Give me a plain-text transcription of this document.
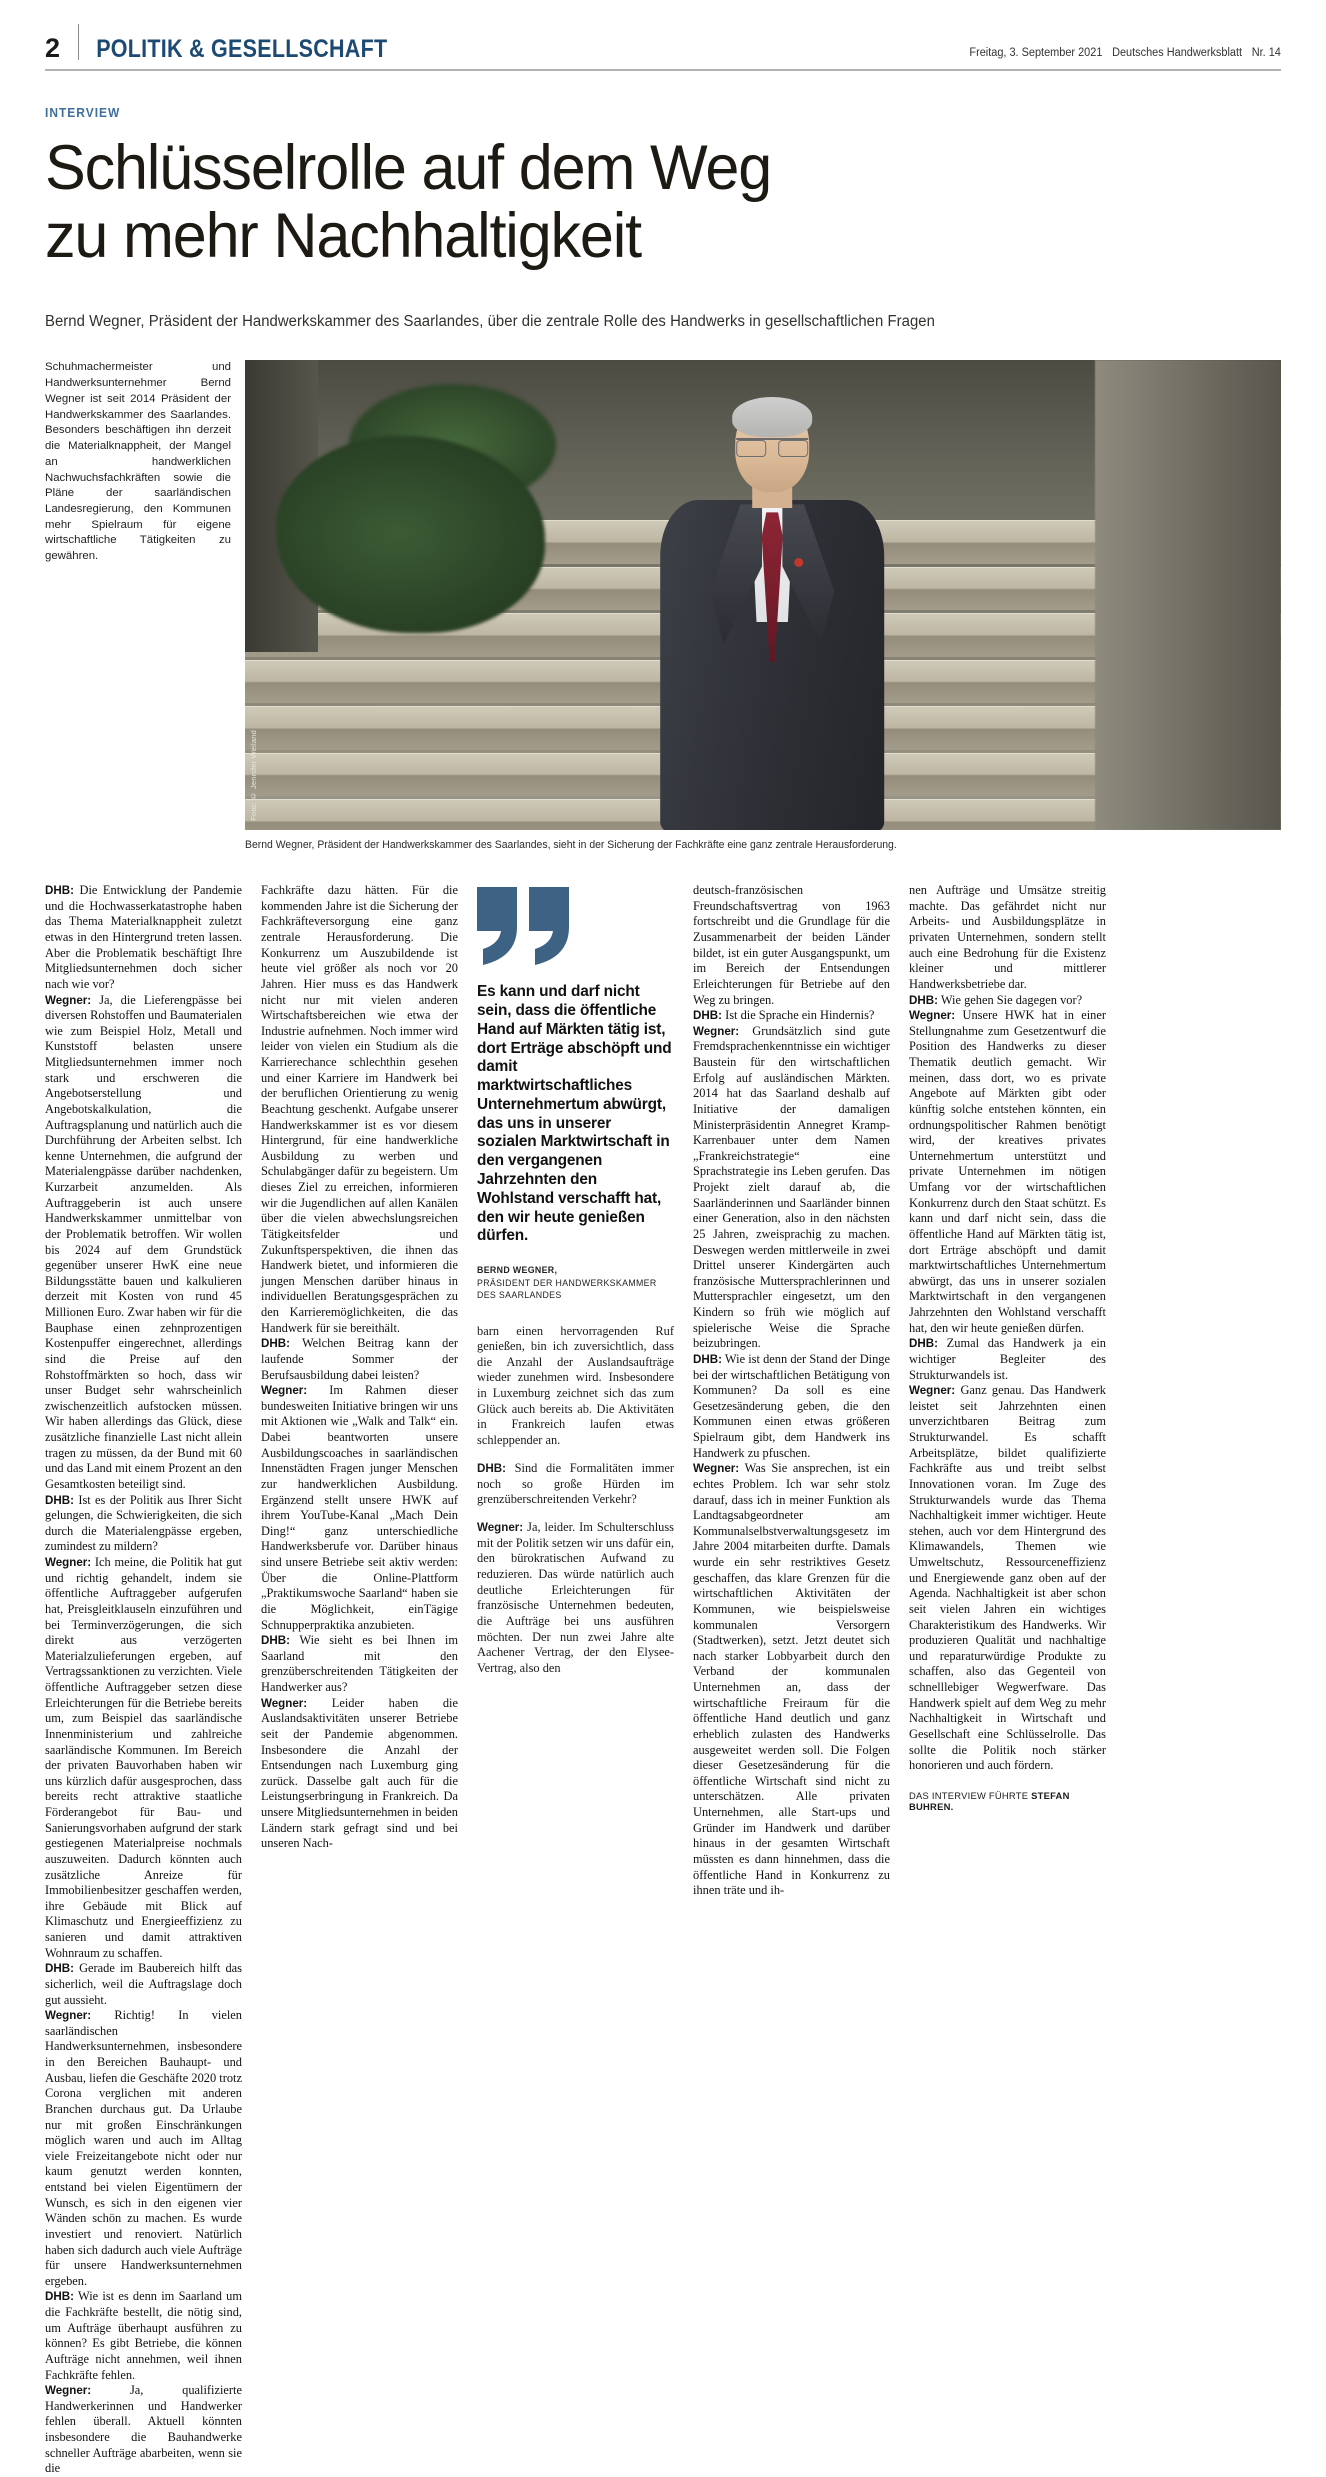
2	POLITIK & GESELLSCHAFT	Freitag, 3. September 2021 Deutsches Handwerksblatt Nr. 14
INTERVIEW
Schlüsselrolle auf dem Weg
zu mehr Nachhaltigkeit
Bernd Wegner, Präsident der Handwerkskammer des Saarlandes, über die zentrale Rolle des Handwerks in gesellschaftlichen Fragen

Schuhmachermeister und Handwerksunternehmer Bernd Wegner ist seit 2014 Präsident der Handwerkskammer des Saarlandes. Besonders beschäftigen ihn derzeit die Materialknappheit, der Mangel an handwerklichen Nachwuchsfachkräften sowie die Pläne der saarländischen Landesregierung, den Kommunen mehr Spielraum für eigene wirtschaftliche Tätigkeiten zu gewähren.

Foto: © Jennifer Weiland
Bernd Wegner, Präsident der Handwerkskammer des Saarlandes, sieht in der Sicherung der Fachkräfte eine ganz zentrale Herausforderung.

DHB: Die Entwicklung der Pandemie und die Hochwasserkatastrophe haben das Thema Materialknappheit zuletzt etwas in den Hintergrund treten lassen. Aber die Problematik beschäftigt Ihre Mitgliedsunternehmen doch sicher nach wie vor?

Wegner: Ja, die Lieferengpässe bei diversen Rohstoffen und Baumaterialen wie zum Beispiel Holz, Metall und Kunststoff belasten unsere Mitgliedsunternehmen immer noch stark und erschweren die Angebotserstellung und Angebotskalkulation, die Auftragsplanung und natürlich auch die Durchführung der Arbeiten selbst. Ich kenne Unternehmen, die aufgrund der Materialengpässe darüber nachdenken, Kurzarbeit anzumelden. Als Auftraggeberin ist auch unsere Handwerkskammer unmittelbar von der Problematik betroffen. Wir wollen bis 2024 auf dem Grundstück gegenüber unserer HwK eine neue Bildungsstätte bauen und kalkulieren derzeit mit Kosten von rund 45 Millionen Euro. Zwar haben wir für die Bauphase einen zehnprozentigen Kostenpuffer eingerechnet, allerdings sind die Preise auf den Rohstoffmärkten so hoch, dass wir unser Budget sehr wahrscheinlich zwischenzeitlich aufstocken müssen. Wir haben allerdings das Glück, diese zusätzliche finanzielle Last nicht allein tragen zu müssen, da der Bund mit 60 und das Land mit einem Prozent an den Gesamtkosten beteiligt sind.

DHB: Ist es der Politik aus Ihrer Sicht gelungen, die Schwierigkeiten, die sich durch die Materialengpässe ergeben, zumindest zu mildern?

Wegner: Ich meine, die Politik hat gut und richtig gehandelt, indem sie öffentliche Auftraggeber aufgerufen hat, Preisgleitklauseln einzuführen und bei Terminverzögerungen, die sich direkt aus verzögerten Materialzulieferungen ergeben, auf Vertragssanktionen zu verzichten. Viele öffentliche Auftraggeber setzen diese Erleichterungen für die Betriebe bereits um, zum Beispiel das saarländische Innenministerium und zahlreiche saarländische Kommunen. Im Bereich der privaten Bauvorhaben haben wir uns kürzlich dafür ausgesprochen, dass bereits recht attraktive staatliche Förderangebot für Bau- und Sanierungsvorhaben aufgrund der stark gestiegenen Materialpreise nochmals auszuweiten. Dadurch könnten auch zusätzliche Anreize für Immobilienbesitzer geschaffen werden, ihre Gebäude mit Blick auf Klimaschutz und Energieeffizienz zu sanieren und damit attraktiven Wohnraum zu schaffen.

DHB: Gerade im Baubereich hilft das sicherlich, weil die Auftragslage doch gut aussieht.

Wegner: Richtig! In vielen saarländischen Handwerksunternehmen, insbesondere in den Bereichen Bauhaupt- und Ausbau, liefen die Geschäfte 2020 trotz Corona verglichen mit anderen Branchen durchaus gut. Da Urlaube nur mit großen Einschränkungen möglich waren und auch im Alltag viele Freizeitangebote nicht oder nur kaum genutzt werden konnten, entstand bei vielen Eigentümern der Wunsch, es sich in den eigenen vier Wänden schön zu machen. Es wurde investiert und renoviert. Natürlich haben sich dadurch auch viele Aufträge für unsere Handwerksunternehmen ergeben.

DHB: Wie ist es denn im Saarland um die Fachkräfte bestellt, die nötig sind, um Aufträge überhaupt ausführen zu können? Es gibt Betriebe, die können Aufträge nicht annehmen, weil ihnen Fachkräfte fehlen.

Wegner: Ja, qualifizierte Handwerkerinnen und Handwerker fehlen überall. Aktuell könnten insbesondere die Bauhandwerke schneller Aufträge abarbeiten, wenn sie die

Fachkräfte dazu hätten. Für die kommenden Jahre ist die Sicherung der Fachkräfteversorgung eine ganz zentrale Herausforderung. Die Konkurrenz um Auszubildende ist heute viel größer als noch vor 20 Jahren. Hier muss es das Handwerk nicht nur mit vielen anderen Wirtschaftsbereichen wie etwa der Industrie aufnehmen. Noch immer wird leider von vielen ein Studium als die Karrierechance schlechthin gesehen und einer Karriere im Handwerk bei der beruflichen Orientierung zu wenig Beachtung geschenkt. Aufgabe unserer Handwerkskammer ist es vor diesem Hintergrund, für eine handwerkliche Ausbildung zu werben und Schulabgänger dafür zu begeistern. Um dieses Ziel zu erreichen, informieren wir die Jugendlichen auf allen Kanälen über die vielen abwechslungsreichen Tätigkeitsfelder und Zukunftsperspektiven, die ihnen das Handwerk bietet, und informieren die jungen Menschen darüber hinaus in individuellen Beratungsgesprächen zu den Karrieremöglichkeiten, die das Handwerk für sie bereithält.

DHB: Welchen Beitrag kann der laufende Sommer der Berufsausbildung dabei leisten?

Wegner: Im Rahmen dieser bundesweiten Initiative bringen wir uns mit Aktionen wie „Walk and Talk“ ein. Dabei beantworten unsere Ausbildungscoaches in saarländischen Innenstädten Fragen junger Menschen zur handwerklichen Ausbildung. Ergänzend stellt unsere HWK auf ihrem YouTube-Kanal „Mach Dein Ding!“ ganz unterschiedliche Handwerksberufe vor. Darüber hinaus sind unsere Betriebe seit aktiv werden: Über die Online-Plattform „Praktikumswoche Saarland“ haben sie die Möglichkeit, einTägige Schnupperpraktika anzubieten.

DHB: Wie sieht es bei Ihnen im Saarland mit den grenzüberschreitenden Tätigkeiten der Handwerker aus?

Wegner: Leider haben die Auslandsaktivitäten unserer Betriebe seit der Pandemie abgenommen. Insbesondere die Anzahl der Entsendungen nach Luxemburg ging zurück. Dasselbe galt auch für die Leistungserbringung in Frankreich. Da unsere Mitgliedsunternehmen in beiden Ländern stark gefragt sind und bei unseren Nach-

Es kann und darf nicht sein, dass die öffentliche Hand auf Märkten tätig ist, dort Erträge abschöpft und damit marktwirtschaftliches Unternehmertum abwürgt, das uns in unserer sozialen Marktwirtschaft in den vergangenen Jahrzehnten den Wohlstand verschafft hat, den wir heute genießen dürfen.
BERND WEGNER,
PRÄSIDENT DER HANDWERKSKAMMER
DES SAARLANDES

barn einen hervorragenden Ruf genießen, bin ich zuversichtlich, dass die Anzahl der Auslandsaufträge wieder zunehmen wird. Insbesondere in Luxemburg zeichnet sich das zum Glück auch bereits ab. Die Aktivitäten in Frankreich laufen etwas schleppender an.

DHB: Sind die Formalitäten immer noch so große Hürden im grenzüberschreitenden Verkehr?

Wegner: Ja, leider. Im Schulterschluss mit der Politik setzen wir uns dafür ein, den bürokratischen Aufwand zu reduzieren. Das würde natürlich auch deutliche Erleichterungen für französische Unternehmen bedeuten, die Aufträge bei uns ausführen möchten. Der nun zwei Jahre alte Aachener Vertrag, der den Elysee-Vertrag, also den

deutsch-französischen Freundschaftsvertrag von 1963 fortschreibt und die Grundlage für die Zusammenarbeit der beiden Länder bildet, ist ein guter Ausgangspunkt, um im Bereich der Entsendungen Erleichterungen für Betriebe auf den Weg zu bringen.

DHB: Ist die Sprache ein Hindernis?

Wegner: Grundsätzlich sind gute Fremdsprachenkenntnisse ein wichtiger Baustein für den wirtschaftlichen Erfolg auf ausländischen Märkten. 2014 hat das Saarland deshalb auf Initiative der damaligen Ministerpräsidentin Annegret Kramp-Karrenbauer unter dem Namen „Frankreichstrategie“ eine Sprachstrategie ins Leben gerufen. Das Projekt zielt darauf ab, die Saarländerinnen und Saarländer binnen einer Generation, also in den nächsten 25 Jahren, zweisprachig zu machen. Deswegen werden mittlerweile in zwei Drittel unserer Kindergärten auch französische Muttersprachlerinnen und Muttersprachler eingesetzt, um den Kindern so früh wie möglich auf spielerische Weise die Sprache beizubringen.

DHB: Wie ist denn der Stand der Dinge bei der wirtschaftlichen Betätigung von Kommunen? Da soll es eine Gesetzesänderung geben, die den Kommunen einen etwas größeren Spielraum gibt, dem Handwerk ins Handwerk zu pfuschen.

Wegner: Was Sie ansprechen, ist ein echtes Problem. Ich war sehr stolz darauf, dass ich in meiner Funktion als Landtagsabgeordneter am Kommunalselbstverwaltungsgesetz im Jahre 2004 mitarbeiten durfte. Damals wurde ein sehr restriktives Gesetz geschaffen, das klare Grenzen für die wirtschaftlichen Aktivitäten der Kommunen, wie beispielsweise kommunalen Versorgern (Stadtwerken), setzt. Jetzt deutet sich nach starker Lobbyarbeit durch den Verband der kommunalen Unternehmen an, dass der wirtschaftliche Freiraum für die öffentliche Hand deutlich und ganz erheblich zulasten des Handwerks ausgeweitet werden soll. Die Folgen dieser Gesetzesänderung für die öffentliche Wirtschaft sind nicht zu unterschätzen. Alle privaten Unternehmen, alle Start-ups und Gründer im Handwerk und darüber hinaus in der gesamten Wirtschaft müssten es dann hinnehmen, dass die öffentliche Hand in Konkurrenz zu ihnen träte und ih-

nen Aufträge und Umsätze streitig machte. Das gefährdet nicht nur Arbeits- und Ausbildungsplätze in privaten Unternehmen, sondern stellt auch eine Bedrohung für die Existenz kleiner und mittlerer Handwerksbetriebe dar.

DHB: Wie gehen Sie dagegen vor?

Wegner: Unsere HWK hat in einer Stellungnahme zum Gesetzentwurf die Position des Handwerks zu dieser Thematik deutlich gemacht. Wir meinen, dass dort, wo es private Angebote auf Märkten gibt oder künftig solche entstehen könnten, ein ordnungspolitischer Rahmen benötigt wird, der kreatives privates Unternehmertum unterstützt und private Unternehmen im nötigen Umfang vor der wirtschaftlichen Konkurrenz durch den Staat schützt. Es kann und darf nicht sein, dass die öffentliche Hand auf Märkten tätig ist, dort Erträge abschöpft und damit marktwirtschaftliches Unternehmertum abwürgt, das uns in unserer sozialen Marktwirtschaft in den vergangenen Jahrzehnten den Wohlstand verschafft hat, den wir heute genießen dürfen.

DHB: Zumal das Handwerk ja ein wichtiger Begleiter des Strukturwandels ist.

Wegner: Ganz genau. Das Handwerk leistet seit Jahrzehnten einen unverzichtbaren Beitrag zum Strukturwandel. Es schafft Arbeitsplätze, bildet qualifizierte Fachkräfte aus und treibt selbst Innovationen voran. Im Zuge des Strukturwandels wurde das Thema Nachhaltigkeit immer wichtiger. Heute stehen, auch vor dem Hintergrund des Klimawandels, Themen wie Umweltschutz, Ressourceneffizienz und Energiewende ganz oben auf der Agenda. Nachhaltigkeit ist aber schon seit vielen Jahren ein wichtiges Charakteristikum des Handwerks. Wir produzieren Qualität und nachhaltige und reparaturwürdige Produkte zu schaffen, also das Gegenteil von schnelllebiger Wegwerfware. Das Handwerk spielt auf dem Weg zu mehr Nachhaltigkeit in Wirtschaft und Gesellschaft eine Schlüsselrolle. Das sollte die Politik noch stärker honorieren und auch fördern.

DAS INTERVIEW FÜHRTE STEFAN BUHREN.
